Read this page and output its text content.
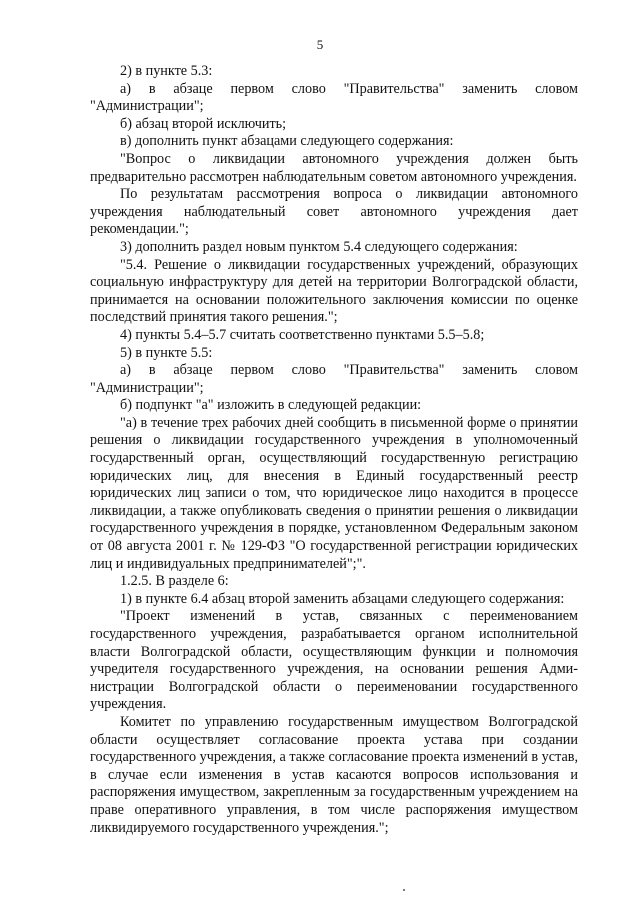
5

2) в пункте 5.3:

а) в абзаце первом слово "Правительства" заменить словом "Администрации";

б) абзац второй исключить;

в) дополнить пункт абзацами следующего содержания:

"Вопрос о ликвидации автономного учреждения должен быть предварительно рассмотрен наблюдательным советом автономного учреждения.

По результатам рассмотрения вопроса о ликвидации автономного учреждения наблюдательный совет автономного учреждения дает рекомендации.";

3) дополнить раздел новым пунктом 5.4 следующего содержания:

"5.4. Решение о ликвидации государственных учреждений, образующих социальную инфраструктуру для детей на территории Волгоградской области, принимается на основании положительного заключения комиссии по оценке последствий принятия такого решения.";

4) пункты 5.4–5.7 считать соответственно пунктами 5.5–5.8;

5) в пункте 5.5:

а) в абзаце первом слово "Правительства" заменить словом "Администрации";

б) подпункт "а" изложить в следующей редакции:

"а) в течение трех рабочих дней сообщить в письменной форме о принятии решения о ликвидации государственного учреждения в уполномоченный государственный орган, осуществляющий государственную регистрацию юридических лиц, для внесения в Единый государственный реестр юридических лиц записи о том, что юридическое лицо находится в процессе ликвидации, а также опубликовать сведения о принятии решения о ликвидации государственного учреждения в порядке, установленном Федеральным законом от 08 августа 2001 г. № 129-ФЗ "О государственной регистрации юридических лиц и индивидуальных предпринимателей";".

1.2.5. В разделе 6:

1) в пункте 6.4 абзац второй заменить абзацами следующего содержания:

"Проект изменений в устав, связанных с переименованием государственного учреждения, разрабатывается органом исполнительной власти Волгоградской области, осуществляющим функции и полномочия учредителя государственного учреждения, на основании решения Администрации Волгоградской области о переименовании государственного учреждения.

Комитет по управлению государственным имуществом Волгоградской области осуществляет согласование проекта устава при создании государственного учреждения, а также согласование проекта изменений в устав, в случае если изменения в устав касаются вопросов использования и распоряжения имуществом, закрепленным за государственным учреждением на праве оперативного управления, в том числе распоряжения имуществом ликвидируемого государственного учреждения.";
